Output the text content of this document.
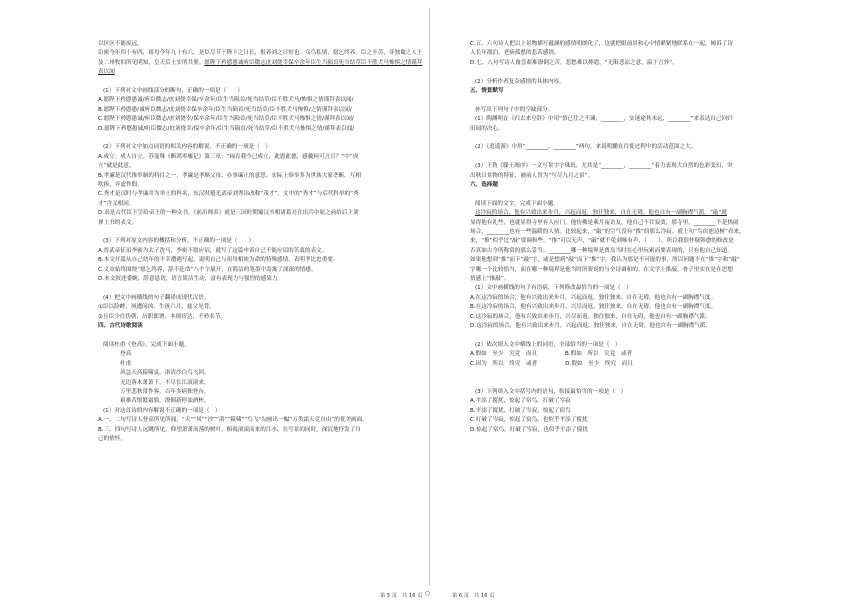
以区区不能废远。

臣密今年四十有四，祖母今年九十有六，是臣尽节于陛下之日长，报养刘之日短也。乌鸟私情，愿乞终养。臣之辛苦，非独蜀之人士及二州牧伯所见明知，皇天后土实所共鉴。愿陛下矜愍愚诚听臣微志庶刘侥幸保卒余年臣生当陨首死当结草臣不胜犬马怖惧之情谨拜表以闻

(1）下列对文中画线部分的断句，正确的一项是（　　）

A.愿陛下矜愍愚诚/听臣微志/庶刘侥幸保/卒余年/臣生当陨首/死当结草/臣不胜犬马/怖惧之情谨拜表以闻/

B.愿陛下矜愍愚/诚听臣微志/庶刘侥幸保卒余年/臣生当陨首/死当结草/臣不胜犬马怖惧/之情谨拜表以闻/

C.愿陛下矜愍愚诚/听臣微志/庶刘侥幸/保卒余年/臣生当陨首/死当结草/臣不胜犬马怖惧之情/谨拜表以闻/

D.愿陛下矜愍愚诚/听臣微志/庶刘侥幸/保卒余年/臣生当陨首/死当结草/臣不胜犬马怖惧之情/谨拜表以闻/

(2）下列对文中加点词语的相关内容的解说，不正确的一项是（　）

A.成立：成人自立。苏曼殊《断鸿零雁记》第三章：“辐育我今已成立，此恩此德，感戴何可言宣？”中“成

立”就是此意。

B.孝廉是汉代推举制的科目之一，孝廉是孝顺父母、办事廉正的意思。实际上察举多为世族大家垄断，互相

吹捧，弄虚作假。

C.秀才是汉时与孝廉并为举士的科名，东汉时避光武帝刘秀讳改称“茂才”。文中的“秀才”与后代科举的“秀

才”含义相同。

D.表是古代臣下呈给帝王的一种文书。《前出师表》就是三国时期蜀汉丞相诸葛亮在出兵中原之前给后主刘

禅上书的表文。

(3）下列对原文内容的概括和分析，不正确的一项是（　　）

A.晋武帝征诏李密为太子洗马，李密不愿应诏，就写了这篇申诉自己不能应诏的苦衷的表文。

B.本文开篇从自己幼年的不幸遭遇写起，说明自己与祖母相依为命的特殊感情，表明孝比忠重要。

C.文章始终围绕“愿乞终养，辞不赴命”八个字展开，在简洁的笔墨中寄寓了深深的情感。

D.本文叙述委婉，辞意恳切，语言简洁生动，富有表现力与强烈的感染力。

(4）把文中画横线的句子翻译成现代汉语。

①臣以险衅，夙遭闵凶。生孩六月，慈父见背。

②且臣少仕伪朝，历职郎署，本图宦达，不矜名节。

四、古代诗歌阅读

阅读杜甫《登高》，完成下面小题。

登高

杜甫

风急天高猿啸哀，渚清沙白鸟飞回。

无边落木萧萧下，不尽长江滚滚来。

万里悲秋常作客，百年多病独登台。

艰难苦恨繁霜鬓，潦倒新停浊酒杯。

(1）对这首诗的内容解说不正确的一项是（　）

A.一、二句写诗人登高所见所闻，“天”“风”“沙”“渚”“猿啸”“鸟飞”勾画出一幅“万类霜天竞自由”的优美画面。

B.三、四句写诗人远眺所见，仰望萧萧而落的树叶，俯视滚滚而来的江水，在写景的同时，深沉地抒发了自

己的情怀。

C.五、六句诗人把以上景物描写蕴涵的感情明朗化了，这就把眼前景和心中情紧紧地联系在一起，倾诉了诗

人长年漂泊、老病孤愁的悲苦感情。

D.七、八句写诗人备尝艰难潦倒之苦，悲愁难以排遣，“无限悲凉之意，溢于言外”。

(2）分析作者复杂感情的具体内容。

五、情景默写

补写出下列句子中的空缺部分。

(1）陶渊明在《归去来兮辞》中用“悟已往之不谏，________，实迷途其未远，________”来表达自己回归

田园的决心。

(2）《逍遥游》中用“________，________”两句，来说明鹏在往徙过程中的活动范围之大。

(3）王勃《滕王阁序》一文写景字字珠玑，尤其是“________，________”着力表现大自然的色彩变幻，突

出秋日景物的特征，被前人誉为“写尽九月之景”。

六、选择题

阅读下面的文字，完成下面小题。

这冷寂的场合，他有兴致出来步月，兴起而返，独往独来，自在无碍，他也自有一副胸襟气派。“敲”就

显得他有礼些，也就显得寺里有人应门。他仿佛是乘月夜访友，他自己不甘寂寞，那寺里，________不是热闹

场合，________也有一些温暖的人情。比较起来，“敲”的空气没有“推”的那么冷寂。就上句“鸟宿池边树”看来，

来，“推”似乎比“敲”要调和些。“推”可以无声，“敲”就不免剥啄有声，（　　），所以我很怀疑韩愈的修改是

否真如古今所称赏的那么妥当。________哪一种境界是贾岛当时在心里玩索而要表现的，只有他自己知道。

如果他想到“推”而下“敲”字，或是想到“敲”而下“推”字，我认为那是不可能的事，所以问题不在“推”字和“敲”

字哪一个比较恰当，而在哪一种境界是他当时所要说的与全诗调和的。在文学上推敲，骨子里实在是在思想

情感上“推敲”。

(1）文中画横线的句子有语病，下列修改最恰当的一项是（　）

A.在这冷寂的场合，他有兴致出来步月，兴起而返，独往独来，自在无碍，他也自有一副胸襟气度。

B.在这冷寂的场合，他有兴致出来步月，兴尽而返，独往独来，自在无碍，他也自有一副胸襟气度。

C.这冷寂的场合，他有兴致出来步月，兴尽而返，独往独来，自在无碍，他也自有一副胸襟气派。

D.这冷寂的场合，他有兴致出来步月，兴起而返，独往独来，自在无碍，他也自有一副胸襟气派。

(2）依次填入文中横线上的词语，全部恰当的一项是（　）

A.假如　至少　究竟　而且　　　　　B.假如　所以　究竟　或者

C.因为　所以　终究　或者　　　　　D.假如　至少　终究　而且

(3）下列填入文中括号内的语句，衔接最恰当的一项是（　）

A.平添了搅扰，惊起了宿鸟，打破了岑寂

B.平添了搅扰，打破了岑寂，惊起了宿鸟

C.打破了岑寂，惊起了宿鸟，也似乎平添了搅扰

D.惊起了宿鸟，打破了岑寂，也似乎平添了搅扰

第 5 页　共 16 页 ○	第 6 页　共 16 页
